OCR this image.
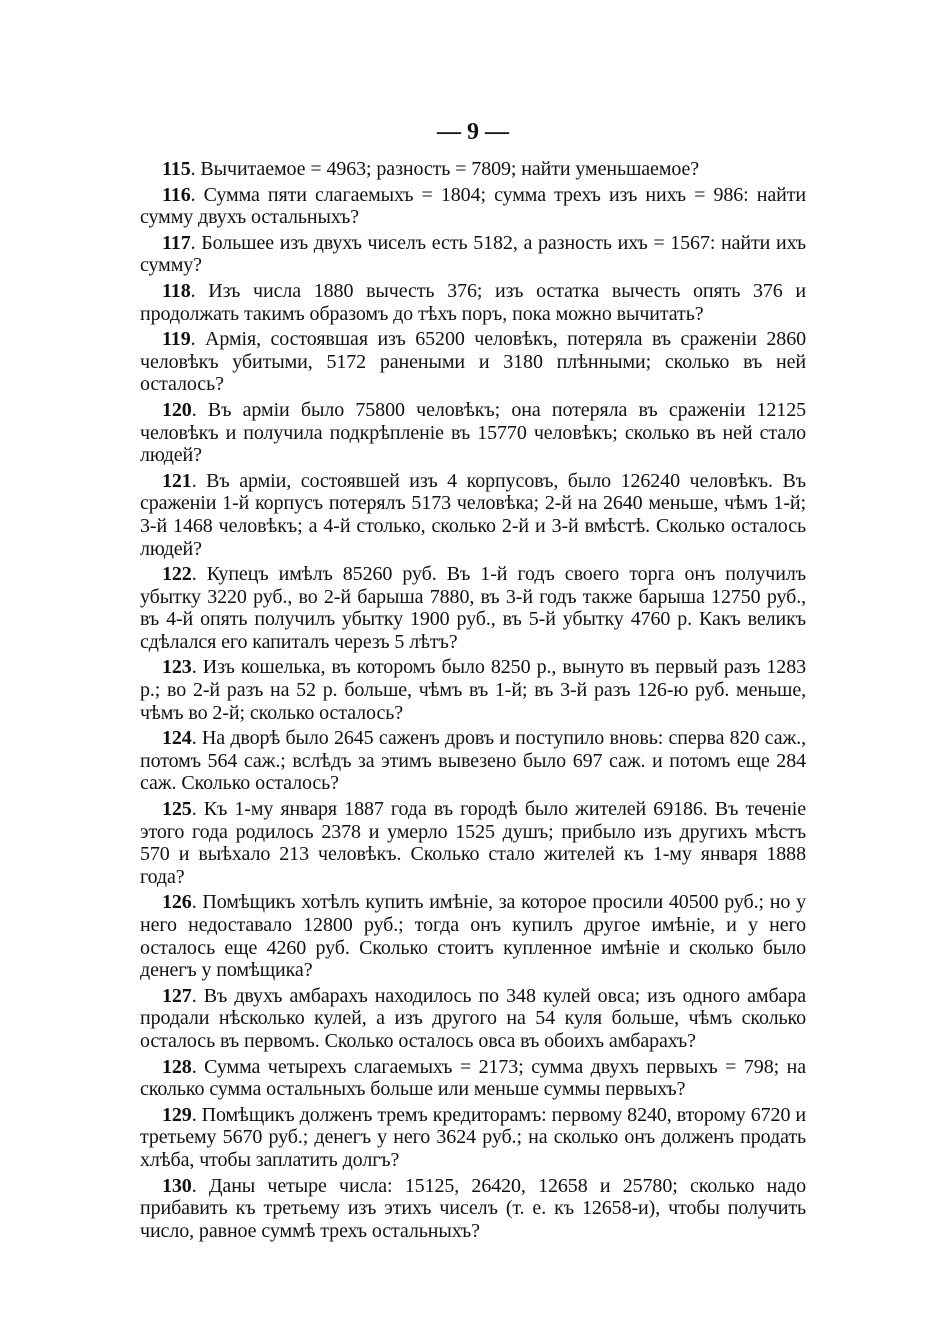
— 9 —

115. Вычитаемое = 4963; разность = 7809; найти уменьшаемое?

116. Сумма пяти слагаемыхъ = 1804; сумма трехъ изъ нихъ = 986: найти сумму двухъ остальныхъ?

117. Большее изъ двухъ чиселъ есть 5182, а разность ихъ = 1567: найти ихъ сумму?

118. Изъ числа 1880 вычесть 376; изъ остатка вычесть опять 376 и продолжать такимъ образомъ до тѣхъ поръ, пока можно вычитать?

119. Армія, состоявшая изъ 65200 человѣкъ, потеряла въ сраженіи 2860 человѣкъ убитыми, 5172 ранеными и 3180 плѣнными; сколько въ ней осталось?

120. Въ арміи было 75800 человѣкъ; она потеряла въ сраженіи 12125 человѣкъ и получила подкрѣпленіе въ 15770 человѣкъ; сколько въ ней стало людей?

121. Въ арміи, состоявшей изъ 4 корпусовъ, было 126240 человѣкъ. Въ сраженіи 1-й корпусъ потерялъ 5173 человѣка; 2-й на 2640 меньше, чѣмъ 1-й; 3-й 1468 человѣкъ; а 4-й столько, сколько 2-й и 3-й вмѣстѣ. Сколько осталось людей?

122. Купецъ имѣлъ 85260 руб. Въ 1-й годъ своего торга онъ получилъ убытку 3220 руб., во 2-й барыша 7880, въ 3-й годъ также барыша 12750 руб., въ 4-й опять получилъ убытку 1900 руб., въ 5-й убытку 4760 р. Какъ великъ сдѣлался его капиталъ черезъ 5 лѣтъ?

123. Изъ кошелька, въ которомъ было 8250 р., вынуто въ первый разъ 1283 р.; во 2-й разъ на 52 р. больше, чѣмъ въ 1-й; въ 3-й разъ 126-ю руб. меньше, чѣмъ во 2-й; сколько осталось?

124. На дворѣ было 2645 саженъ дровъ и поступило вновь: сперва 820 саж., потомъ 564 саж.; вслѣдъ за этимъ вывезено было 697 саж. и потомъ еще 284 саж. Сколько осталось?

125. Къ 1-му января 1887 года въ городѣ было жителей 69186. Въ теченіе этого года родилось 2378 и умерло 1525 душъ; прибыло изъ другихъ мѣстъ 570 и выѣхало 213 человѣкъ. Сколько стало жителей къ 1-му января 1888 года?

126. Помѣщикъ хотѣлъ купить имѣніе, за которое просили 40500 руб.; но у него недоставало 12800 руб.; тогда онъ купилъ другое имѣніе, и у него осталось еще 4260 руб. Сколько стоитъ купленное имѣніе и сколько было денегъ у помѣщика?

127. Въ двухъ амбарахъ находилось по 348 кулей овса; изъ одного амбара продали нѣсколько кулей, а изъ другого на 54 куля больше, чѣмъ сколько осталось въ первомъ. Сколько осталось овса въ обоихъ амбарахъ?

128. Сумма четырехъ слагаемыхъ = 2173; сумма двухъ первыхъ = 798; на сколько сумма остальныхъ больше или меньше суммы первыхъ?

129. Помѣщикъ долженъ тремъ кредиторамъ: первому 8240, второму 6720 и третьему 5670 руб.; денегъ у него 3624 руб.; на сколько онъ долженъ продать хлѣба, чтобы заплатить долгъ?

130. Даны четыре числа: 15125, 26420, 12658 и 25780; сколько надо прибавить къ третьему изъ этихъ чиселъ (т. е. къ 12658-и), чтобы получить число, равное суммѣ трехъ остальныхъ?
